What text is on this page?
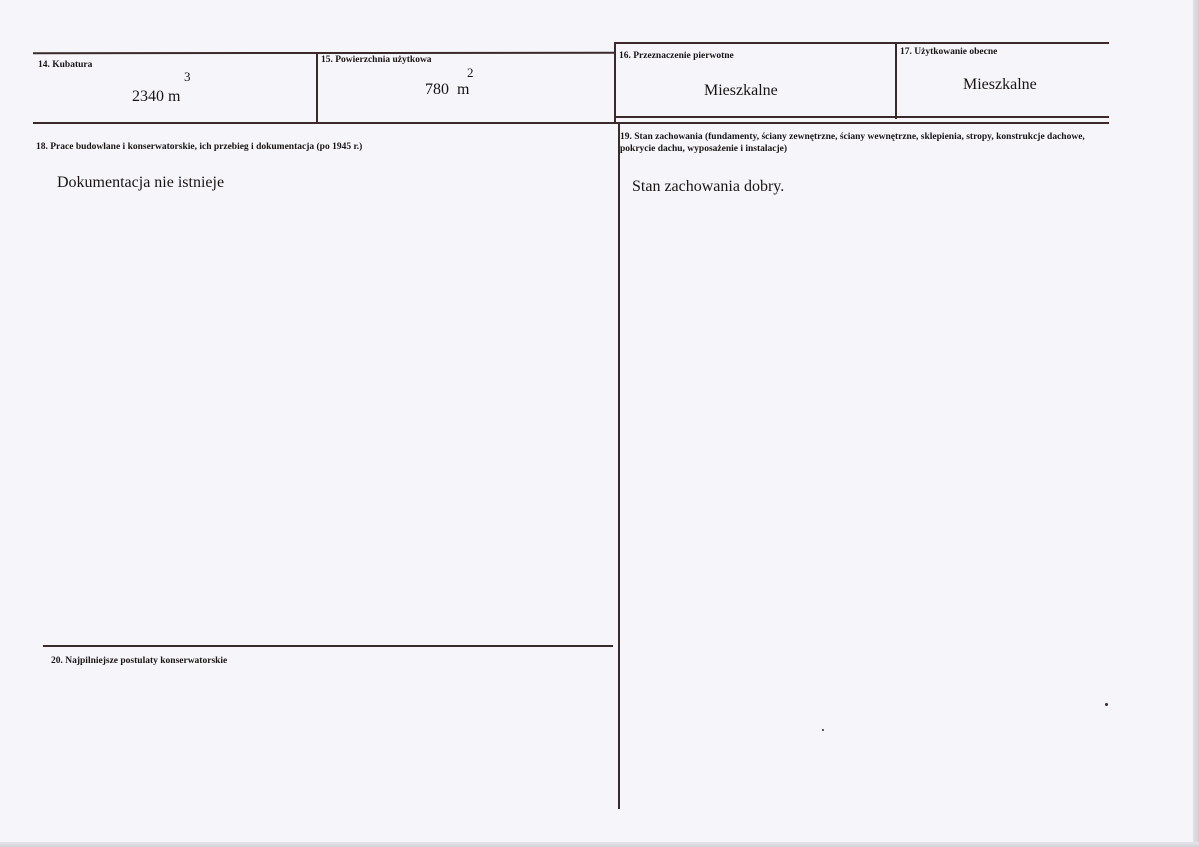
14. Kubatura
3
2340 m
15. Powierzchnia użytkowa
2
780  m
16. Przeznaczenie pierwotne
Mieszkalne
17. Użytkowanie obecne
Mieszkalne
18. Prace budowlane i konserwatorskie, ich przebieg i dokumentacja (po 1945 r.)
Dokumentacja nie istnieje
19. Stan zachowania (fundamenty, ściany zewnętrzne, ściany wewnętrzne, sklepienia, stropy, konstrukcje dachowe, pokrycie dachu, wyposażenie i instalacje)
Stan zachowania dobry.
20. Najpilniejsze postulaty konserwatorskie
